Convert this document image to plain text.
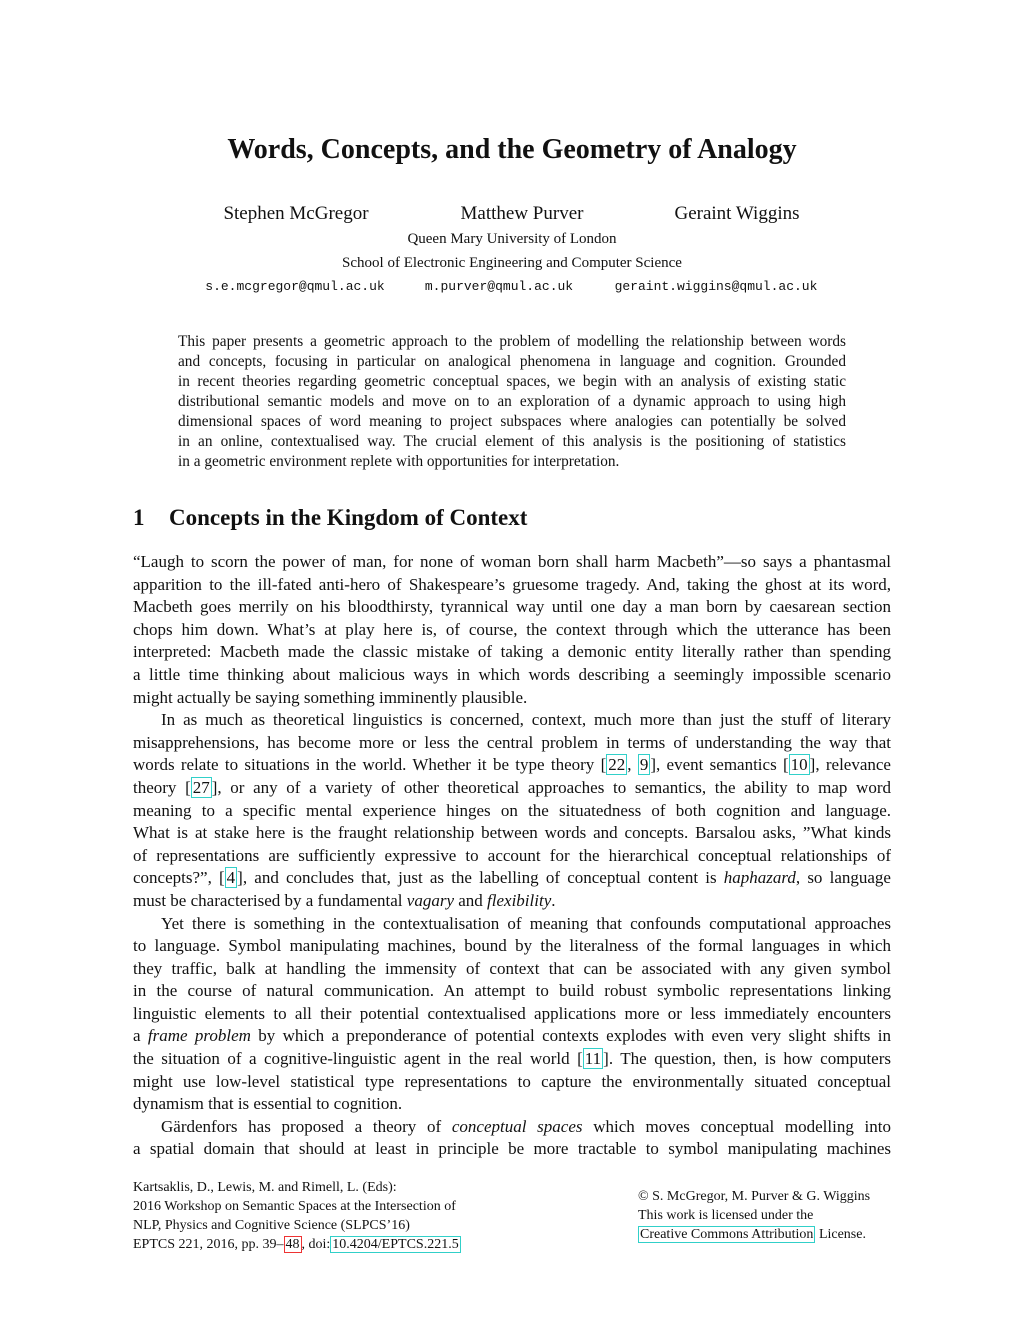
Words, Concepts, and the Geometry of Analogy
Stephen McGregor	Matthew Purver	Geraint Wiggins
Queen Mary University of London
School of Electronic Engineering and Computer Science
s.e.mcgregor@qmul.ac.uk	m.purver@qmul.ac.uk	geraint.wiggins@qmul.ac.uk
This paper presents a geometric approach to the problem of modelling the relationship between words
and concepts, focusing in particular on analogical phenomena in language and cognition. Grounded
in recent theories regarding geometric conceptual spaces, we begin with an analysis of existing static
distributional semantic models and move on to an exploration of a dynamic approach to using high
dimensional spaces of word meaning to project subspaces where analogies can potentially be solved
in an online, contextualised way. The crucial element of this analysis is the positioning of statistics
in a geometric environment replete with opportunities for interpretation.
1 Concepts in the Kingdom of Context
“Laugh to scorn the power of man, for none of woman born shall harm Macbeth”—so says a phantasmal
apparition to the ill-fated anti-hero of Shakespeare’s gruesome tragedy. And, taking the ghost at its word,
Macbeth goes merrily on his bloodthirsty, tyrannical way until one day a man born by caesarean section
chops him down. What’s at play here is, of course, the context through which the utterance has been
interpreted: Macbeth made the classic mistake of taking a demonic entity literally rather than spending
a little time thinking about malicious ways in which words describing a seemingly impossible scenario
might actually be saying something imminently plausible.
In as much as theoretical linguistics is concerned, context, much more than just the stuff of literary
misapprehensions, has become more or less the central problem in terms of understanding the way that
words relate to situations in the world. Whether it be type theory [ 22 , 9 ], event semantics [ 10 ], relevance
theory [ 27 ], or any of a variety of other theoretical approaches to semantics, the ability to map word
meaning to a specific mental experience hinges on the situatedness of both cognition and language.
What is at stake here is the fraught relationship between words and concepts. Barsalou asks, ”What kinds
of representations are sufficiently expressive to account for the hierarchical conceptual relationships of
concepts?”, [ 4 ], and concludes that, just as the labelling of conceptual content is haphazard, so language
must be characterised by a fundamental vagary and flexibility.
Yet there is something in the contextualisation of meaning that confounds computational approaches
to language. Symbol manipulating machines, bound by the literalness of the formal languages in which
they traffic, balk at handling the immensity of context that can be associated with any given symbol
in the course of natural communication. An attempt to build robust symbolic representations linking
linguistic elements to all their potential contextualised applications more or less immediately encounters
a frame problem by which a preponderance of potential contexts explodes with even very slight shifts in
the situation of a cognitive-linguistic agent in the real world [ 11 ]. The question, then, is how computers
might use low-level statistical type representations to capture the environmentally situated conceptual
dynamism that is essential to cognition.
Gärdenfors has proposed a theory of conceptual spaces which moves conceptual modelling into
a spatial domain that should at least in principle be more tractable to symbol manipulating machines
Kartsaklis, D., Lewis, M. and Rimell, L. (Eds):
2016 Workshop on Semantic Spaces at the Intersection of
NLP, Physics and Cognitive Science (SLPCS’16)
EPTCS 221, 2016, pp. 39– 48 , doi: 10.4204/EPTCS.221.5
© S. McGregor, M. Purver & G. Wiggins
This work is licensed under the
Creative Commons Attribution License.
